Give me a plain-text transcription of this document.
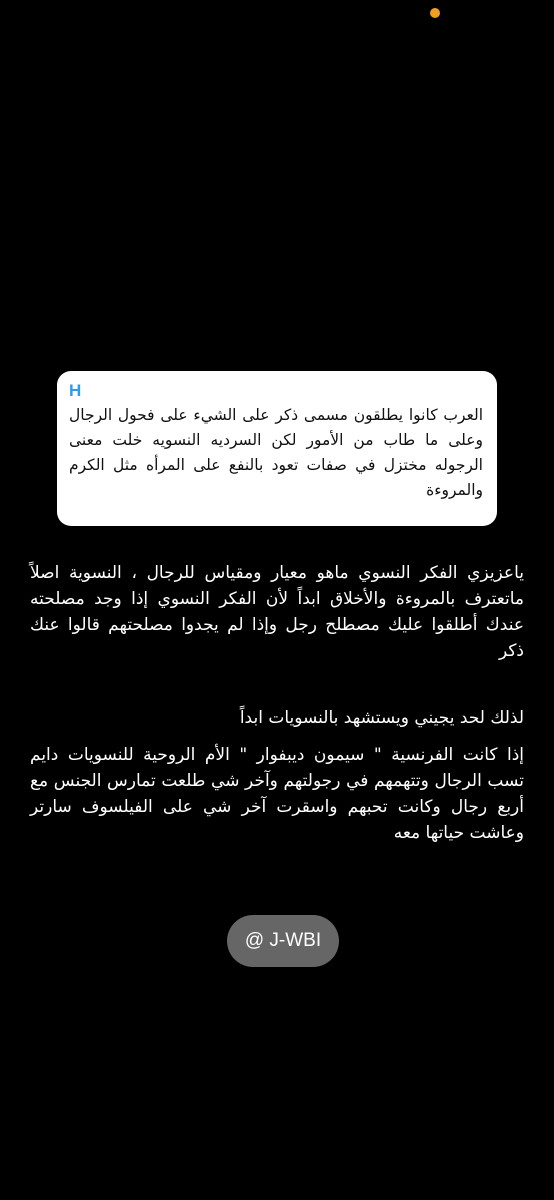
H
العرب كانوا يطلقون مسمى ذكر على الشيء على فحول الرجال وعلى ما طاب من الأمور لكن السرديه النسويه خلت معنى الرجوله مختزل في صفات تعود بالنفع على المرأه مثل الكرم والمروءة
ياعزيزي الفكر النسوي ماهو معيار ومقياس للرجال ، النسوية اصلاً ماتعترف بالمروءة والأخلاق ابداً لأن الفكر النسوي إذا وجد مصلحته عندك أطلقوا عليك مصطلح رجل وإذا لم يجدوا مصلحتهم قالوا عنك ذكر
لذلك لحد يجيني ويستشهد بالنسويات ابداً
إذا كانت الفرنسية " سيمون ديبفوار " الأم الروحية للنسويات دايم تسب الرجال وتتهمهم في رجولتهم وآخر شي طلعت تمارس الجنس مع أربع رجال وكانت تحبهم واسقرت آخر شي على الفيلسوف سارتر وعاشت حياتها معه
@ J-WBI
